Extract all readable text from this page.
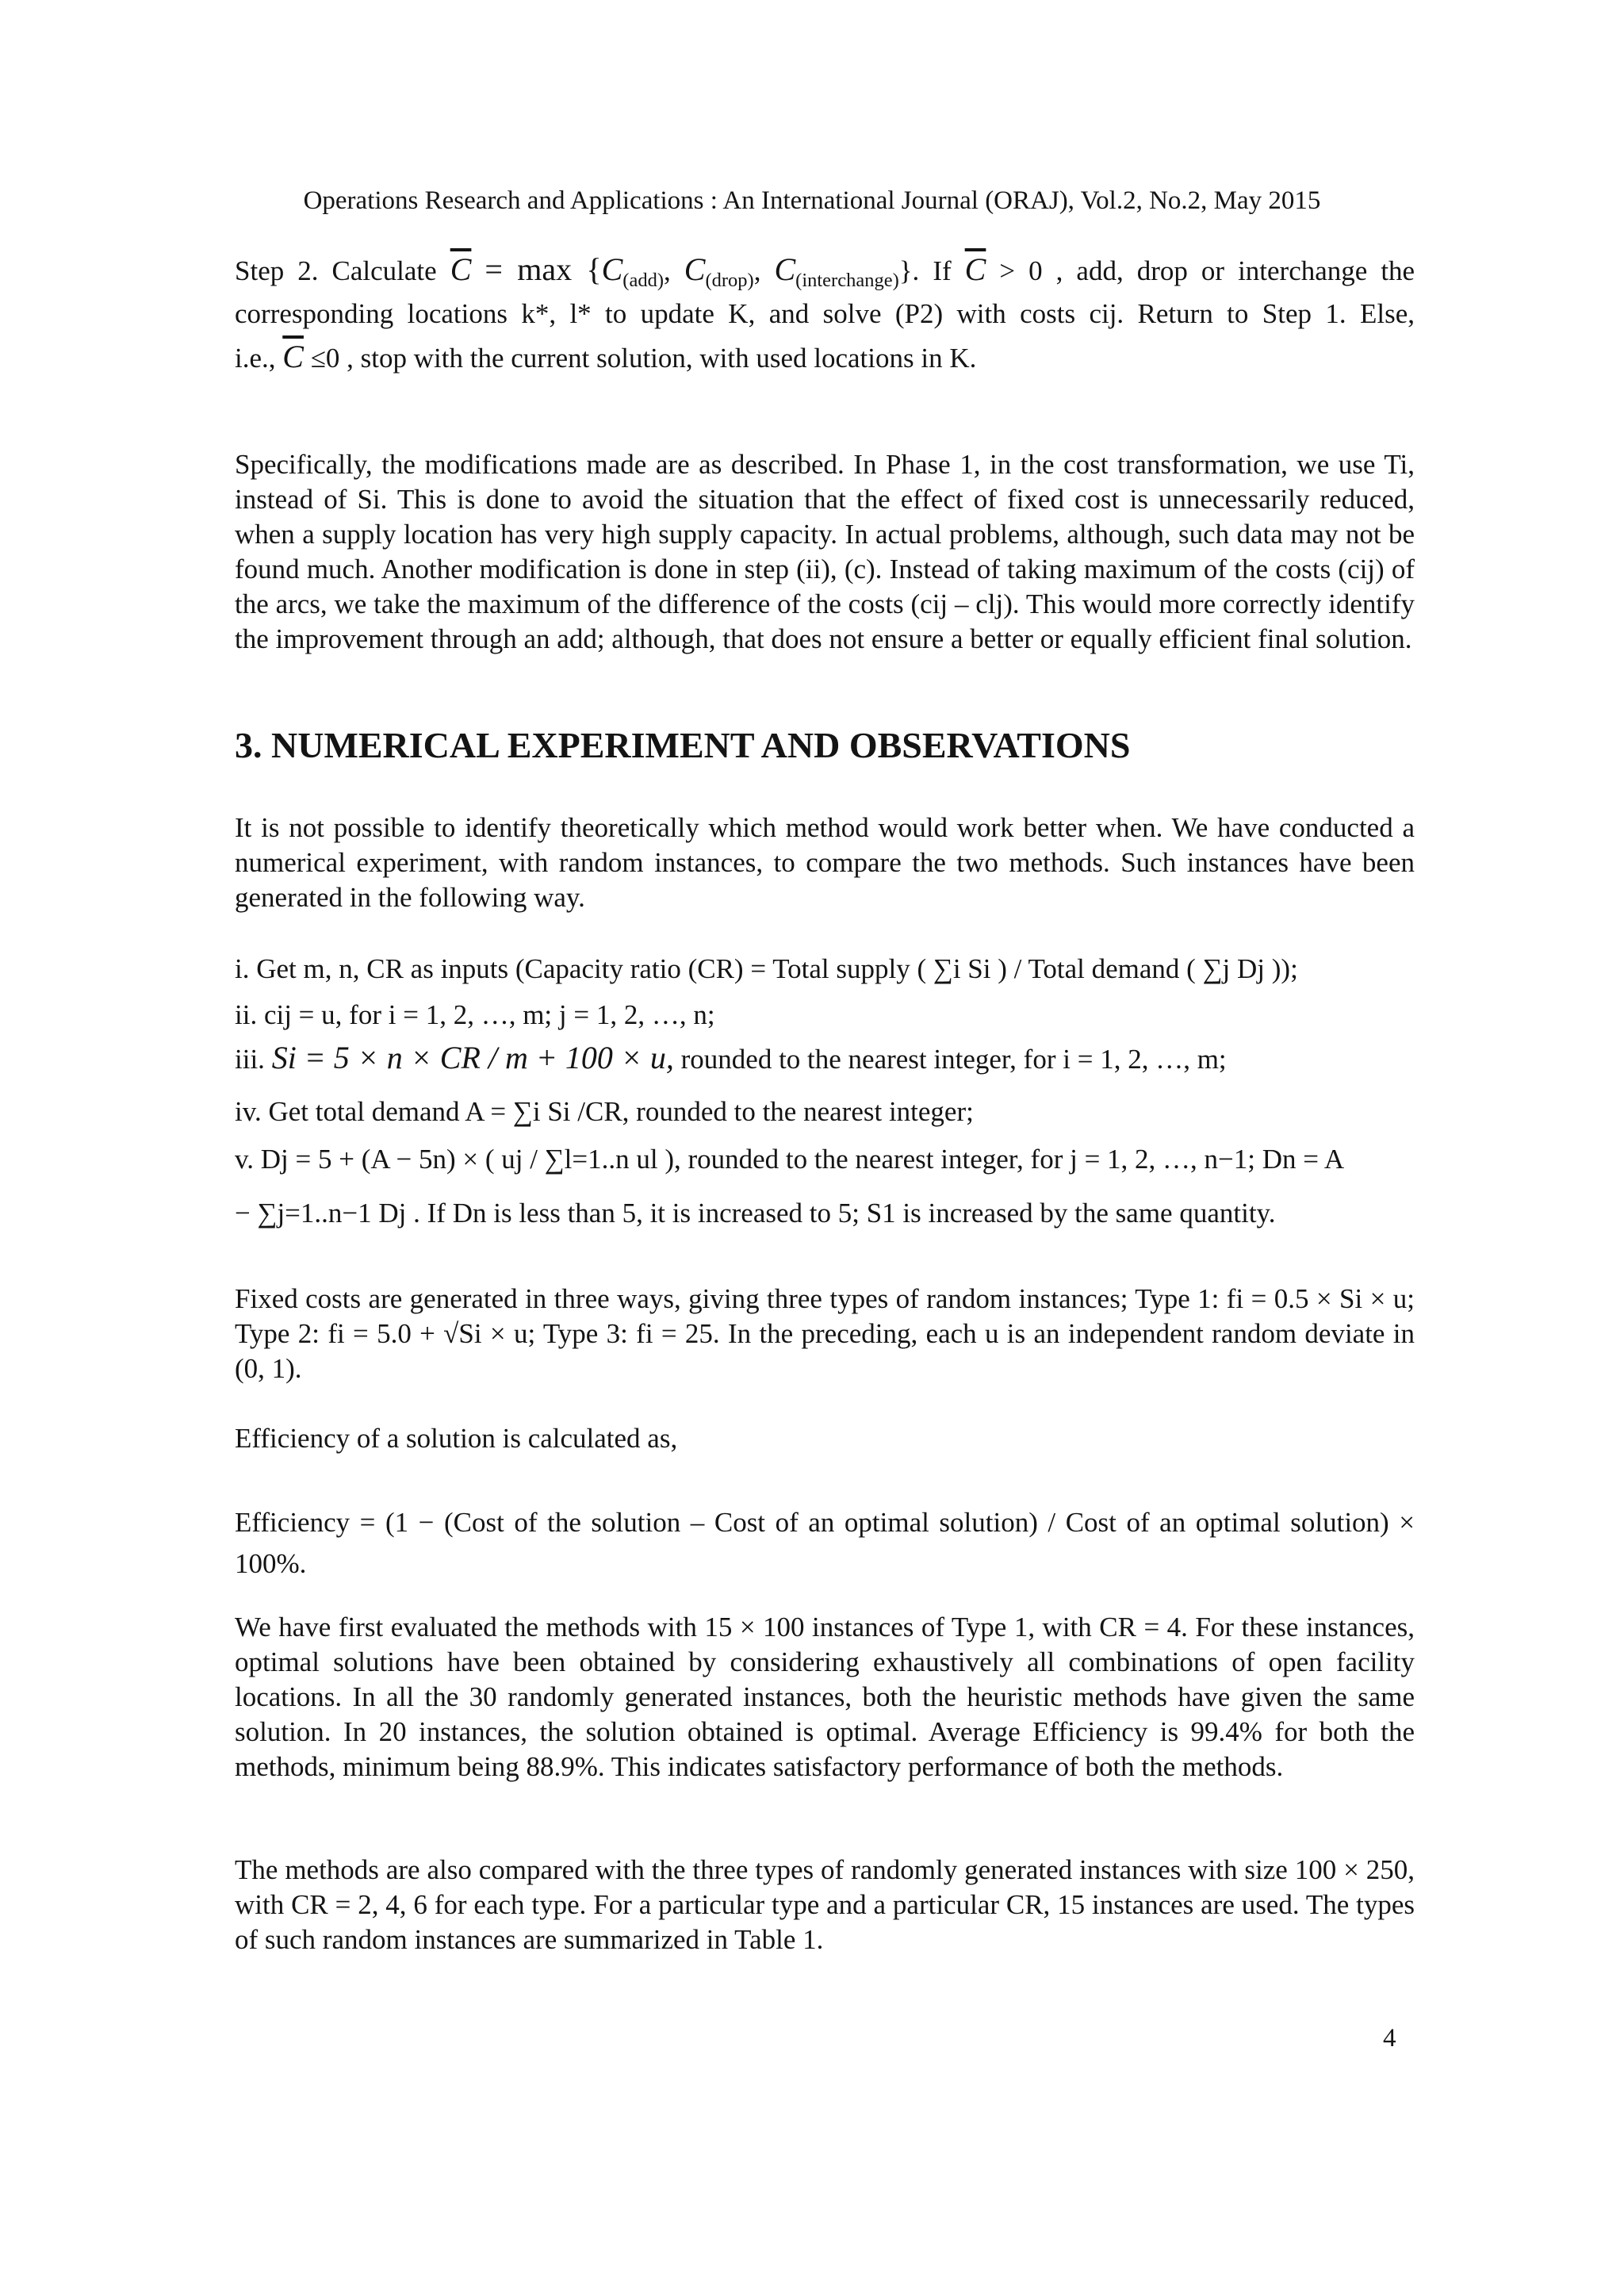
Operations Research and Applications : An International Journal (ORAJ), Vol.2, No.2, May 2015
Step 2. Calculate $\overline{C} = \max \{C_{(add)}$, $C_{(drop)}$, $C_{(interchange)}$}. If $\overline{C} > 0$ , add, drop or interchange the
corresponding locations k*, l* to update K, and solve (P2) with costs cij. Return to Step 1. Else,
i.e., $\overline{C} \le 0$ , stop with the current solution, with used locations in K.
Specifically, the modifications made are as described. In Phase 1, in the cost transformation, we use Ti, instead of Si. This is done to avoid the situation that the effect of fixed cost is unnecessarily reduced, when a supply location has very high supply capacity. In actual problems, although, such data may not be found much. Another modification is done in step (ii), (c). Instead of taking maximum of the costs (cij) of the arcs, we take the maximum of the difference of the costs (cij – clj). This would more correctly identify the improvement through an add; although, that does not ensure a better or equally efficient final solution.
3. NUMERICAL EXPERIMENT AND OBSERVATIONS
It is not possible to identify theoretically which method would work better when. We have conducted a numerical experiment, with random instances, to compare the two methods. Such instances have been generated in the following way.
i. Get m, n, CR as inputs (Capacity ratio (CR) = Total supply ( ∑i Si ) / Total demand ( ∑j Dj ));
ii. cij = u, for i = 1, 2, …, m; j = 1, 2, …, n;
iii. Si = 5 × n × CR / m + 100 × u, rounded to the nearest integer, for i = 1, 2, …, m;
iv. Get total demand A = ∑i Si /CR, rounded to the nearest integer;
v. Dj = 5 + (A − 5n) × ( uj / ∑l=1..n ul ), rounded to the nearest integer, for j = 1, 2, …, n−1; Dn = A
− ∑j=1..n−1 Dj . If Dn is less than 5, it is increased to 5; S1 is increased by the same quantity.
Fixed costs are generated in three ways, giving three types of random instances; Type 1: fi = 0.5 × Si × u; Type 2: fi = 5.0 + √Si × u; Type 3: fi = 25. In the preceding, each u is an independent random deviate in (0, 1).
Efficiency of a solution is calculated as,
Efficiency = (1 − (Cost of the solution – Cost of an optimal solution) / Cost of an optimal solution) × 100%.
We have first evaluated the methods with 15 × 100 instances of Type 1, with CR = 4. For these instances, optimal solutions have been obtained by considering exhaustively all combinations of open facility locations. In all the 30 randomly generated instances, both the heuristic methods have given the same solution. In 20 instances, the solution obtained is optimal. Average Efficiency is 99.4% for both the methods, minimum being 88.9%. This indicates satisfactory performance of both the methods.
The methods are also compared with the three types of randomly generated instances with size 100 × 250, with CR = 2, 4, 6 for each type. For a particular type and a particular CR, 15 instances are used. The types of such random instances are summarized in Table 1.
4
